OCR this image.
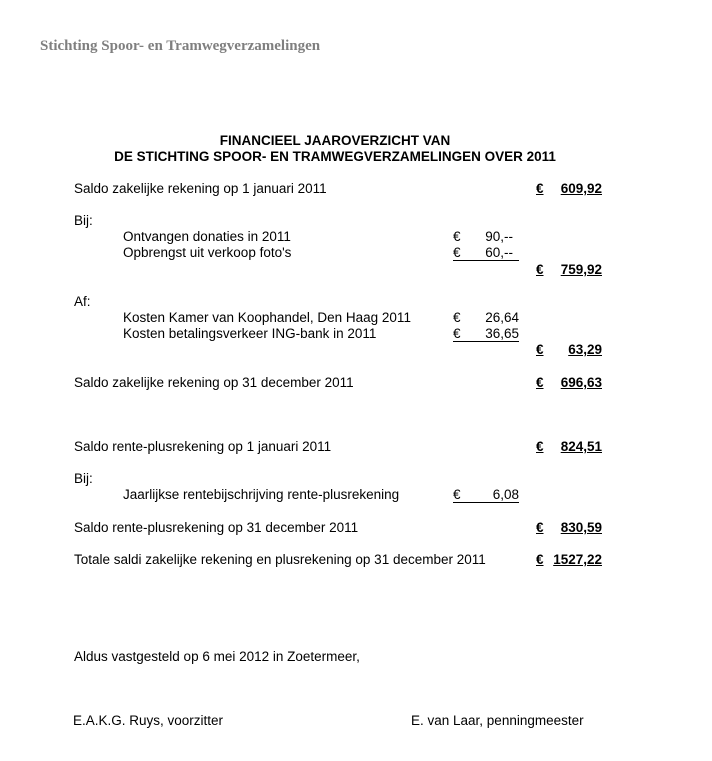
Stichting Spoor- en Tramwegverzamelingen
FINANCIEEL JAAROVERZICHT VAN
DE STICHTING SPOOR- EN TRAMWEGVERZAMELINGEN OVER 2011
Saldo zakelijke rekening op 1 januari 2011	€ 609,92
Bij:
Ontvangen donaties in 2011	€ 90,--
Opbrengst uit verkoop foto's	€ 60,--
€ 759,92
Af:
Kosten Kamer van Koophandel, Den Haag 2011	€ 26,64
Kosten betalingsverkeer ING-bank in 2011	€ 36,65
€ 63,29
Saldo zakelijke rekening op 31 december 2011	€ 696,63
Saldo rente-plusrekening op 1 januari 2011	€ 824,51
Bij:
Jaarlijkse rentebijschrijving rente-plusrekening	€ 6,08
Saldo rente-plusrekening op 31 december 2011	€ 830,59
Totale saldi zakelijke rekening en plusrekening op 31 december 2011	€ 1527,22
Aldus vastgesteld op 6 mei 2012 in Zoetermeer,
E.A.K.G. Ruys, voorzitter	E. van Laar, penningmeester
